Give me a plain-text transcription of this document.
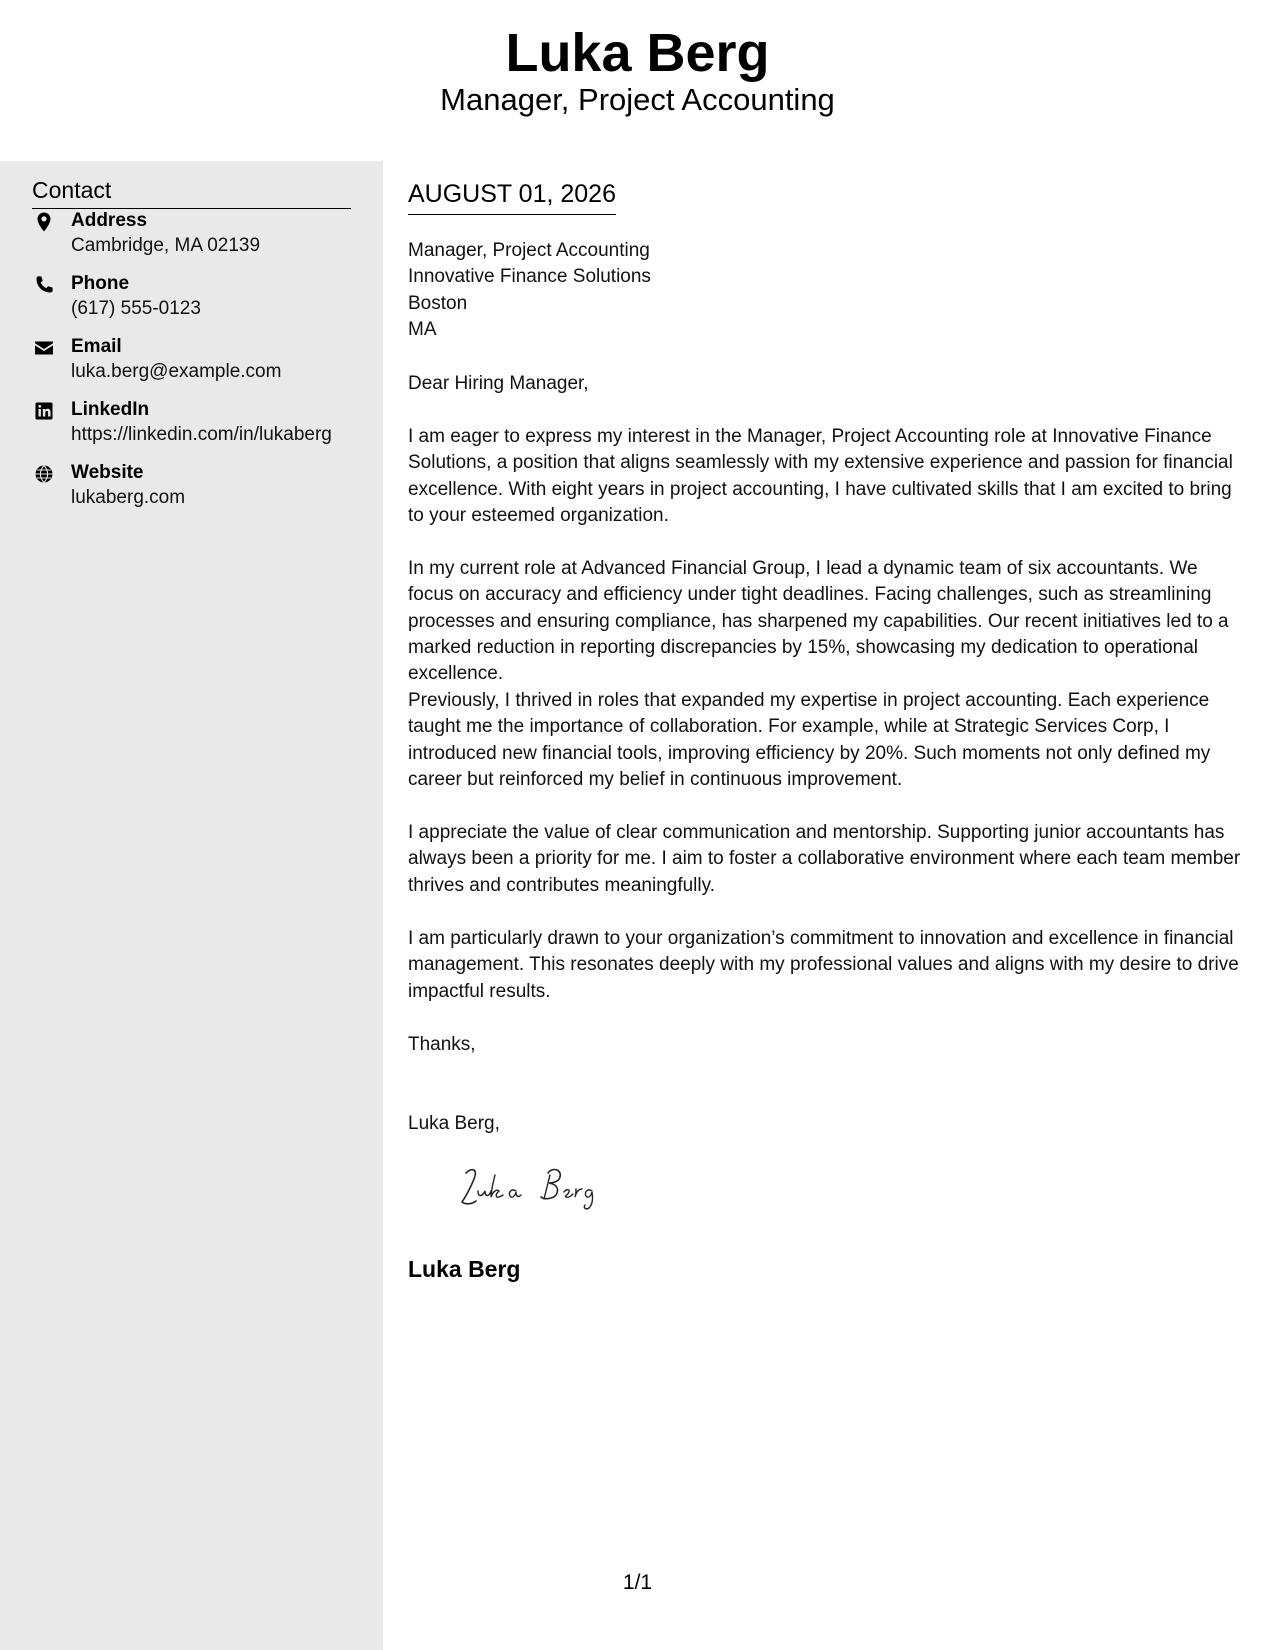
Luka Berg
Manager, Project Accounting
Contact
Address
Cambridge, MA 02139
Phone
(617) 555-0123
Email
luka.berg@example.com
LinkedIn
https://linkedin.com/in/lukaberg
Website
lukaberg.com
AUGUST 01, 2026
Manager, Project Accounting
Innovative Finance Solutions
Boston
MA
Dear Hiring Manager,
I am eager to express my interest in the Manager, Project Accounting role at Innovative Finance Solutions, a position that aligns seamlessly with my extensive experience and passion for financial excellence. With eight years in project accounting, I have cultivated skills that I am excited to bring to your esteemed organization.
In my current role at Advanced Financial Group, I lead a dynamic team of six accountants. We focus on accuracy and efficiency under tight deadlines. Facing challenges, such as streamlining processes and ensuring compliance, has sharpened my capabilities. Our recent initiatives led to a marked reduction in reporting discrepancies by 15%, showcasing my dedication to operational excellence.
Previously, I thrived in roles that expanded my expertise in project accounting. Each experience taught me the importance of collaboration. For example, while at Strategic Services Corp, I introduced new financial tools, improving efficiency by 20%. Such moments not only defined my career but reinforced my belief in continuous improvement.
I appreciate the value of clear communication and mentorship. Supporting junior accountants has always been a priority for me. I aim to foster a collaborative environment where each team member thrives and contributes meaningfully.
I am particularly drawn to your organization’s commitment to innovation and excellence in financial management. This resonates deeply with my professional values and aligns with my desire to drive impactful results.
Thanks,
Luka Berg,
Luka Berg
1/1
